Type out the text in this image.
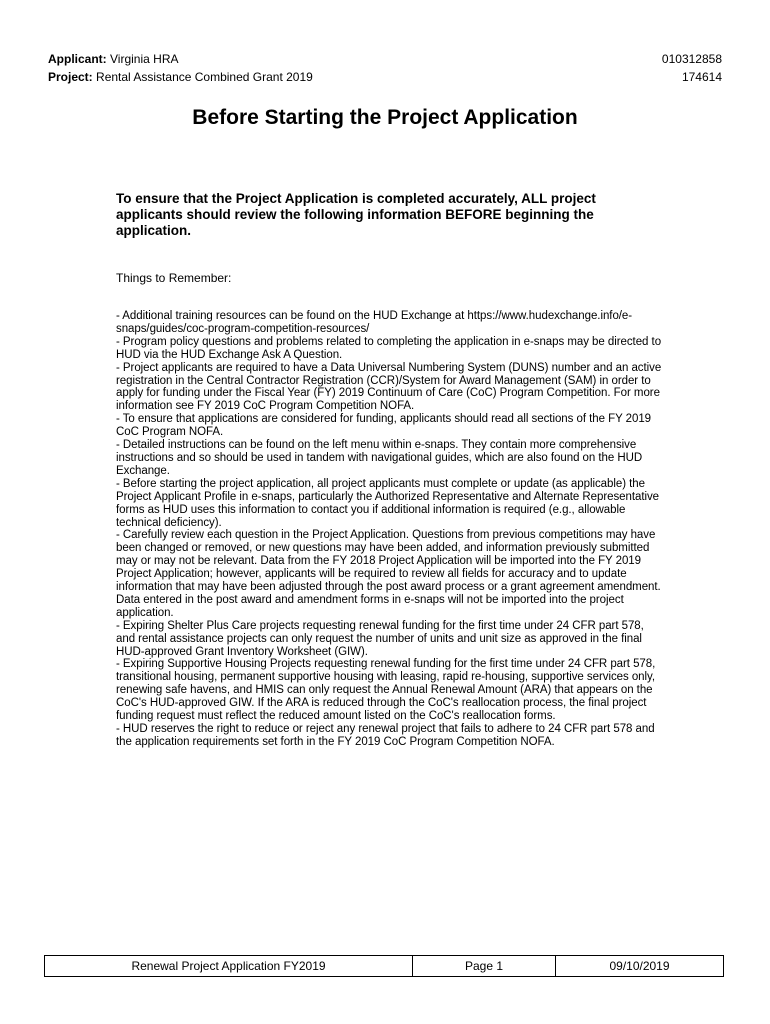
Applicant: Virginia HRA	010312858
Project: Rental Assistance Combined Grant 2019	174614
Before Starting the Project Application

To ensure that the Project Application is completed accurately, ALL project applicants should review the following information BEFORE beginning the application.

Things to Remember:

- Additional training resources can be found on the HUD Exchange at https://www.hudexchange.info/e-snaps/guides/coc-program-competition-resources/

- Program policy questions and problems related to completing the application in e-snaps may be directed to HUD via the HUD Exchange Ask A Question.

- Project applicants are required to have a Data Universal Numbering System (DUNS) number and an active registration in the Central Contractor Registration (CCR)/System for Award Management (SAM) in order to apply for funding under the Fiscal Year (FY) 2019 Continuum of Care (CoC) Program Competition. For more information see FY 2019 CoC Program Competition NOFA.

- To ensure that applications are considered for funding, applicants should read all sections of the FY 2019 CoC Program NOFA.

- Detailed instructions can be found on the left menu within e-snaps. They contain more comprehensive instructions and so should be used in tandem with navigational guides, which are also found on the HUD Exchange.

- Before starting the project application, all project applicants must complete or update (as applicable) the Project Applicant Profile in e-snaps, particularly the Authorized Representative and Alternate Representative forms as HUD uses this information to contact you if additional information is required (e.g., allowable technical deficiency).

- Carefully review each question in the Project Application. Questions from previous competitions may have been changed or removed, or new questions may have been added, and information previously submitted may or may not be relevant. Data from the FY 2018 Project Application will be imported into the FY 2019 Project Application; however, applicants will be required to review all fields for accuracy and to update information that may have been adjusted through the post award process or a grant agreement amendment. Data entered in the post award and amendment forms in e-snaps will not be imported into the project application.

- Expiring Shelter Plus Care projects requesting renewal funding for the first time under 24 CFR part 578, and rental assistance projects can only request the number of units and unit size as approved in the final HUD-approved Grant Inventory Worksheet (GIW).

- Expiring Supportive Housing Projects requesting renewal funding for the first time under 24 CFR part 578, transitional housing, permanent supportive housing with leasing, rapid re-housing, supportive services only, renewing safe havens, and HMIS can only request the Annual Renewal Amount (ARA) that appears on the CoC's HUD-approved GIW. If the ARA is reduced through the CoC's reallocation process, the final project funding request must reflect the reduced amount listed on the CoC's reallocation forms.

- HUD reserves the right to reduce or reject any renewal project that fails to adhere to 24 CFR part 578 and the application requirements set forth in the FY 2019 CoC Program Competition NOFA.

Renewal Project Application FY2019	Page 1	09/10/2019
